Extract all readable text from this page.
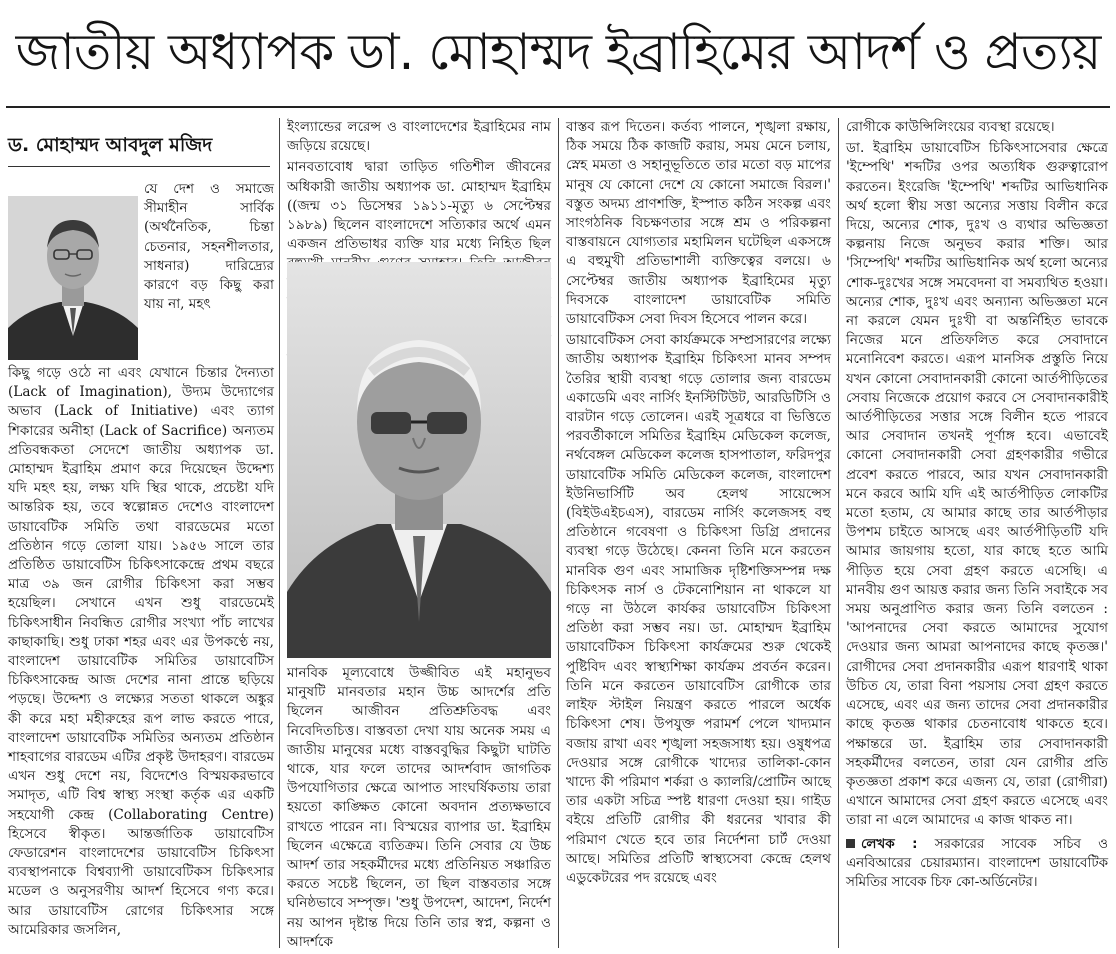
জাতীয় অধ্যাপক ডা. মোহাম্মদ ইব্রাহিমের আদর্শ ও প্রত্যয়
ড. মোহাম্মদ আবদুল মজিদ

যে দেশ ও সমাজে সীমাহীন সার্বিক (অর্থনৈতিক, চিন্তা চেতনার, সহনশীলতার, সাধনার) দারিদ্র্যের কারণে বড় কিছু করা যায় না, মহৎ

কিছু গড়ে ওঠে না এবং যেখানে চিন্তার দৈন্যতা (Lack of Imagination), উদ্যম উদ্যোগের অভাব (Lack of Initiative) এবং ত্যাগ শিকারের অনীহা (Lack of Sacrifice) অন্যতম প্রতিবন্ধকতা সেদেশে জাতীয় অধ্যাপক ডা. মোহাম্মদ ইব্রাহিম প্রমাণ করে দিয়েছেন উদ্দেশ্য যদি মহৎ হয়, লক্ষ্য যদি স্থির থাকে, প্রচেষ্টা যদি আন্তরিক হয়, তবে স্বল্পোন্নত দেশেও বাংলাদেশ ডায়াবেটিক সমিতি তথা বারডেমের মতো প্রতিষ্ঠান গড়ে তোলা যায়। ১৯৫৬ সালে তার প্রতিষ্ঠিত ডায়াবেটিস চিকিৎসাকেন্দ্রে প্রথম বছরে মাত্র ৩৯ জন রোগীর চিকিৎসা করা সম্ভব হয়েছিল। সেখানে এখন শুধু বারডেমেই চিকিৎসাধীন নিবন্ধিত রোগীর সংখ্যা পাঁচ লাখের কাছাকাছি। শুধু ঢাকা শহর এবং এর উপকণ্ঠে নয়, বাংলাদেশ ডায়াবেটিক সমিতির ডায়াবেটিস চিকিৎসাকেন্দ্র আজ দেশের নানা প্রান্তে ছড়িয়ে পড়ছে। উদ্দেশ্য ও লক্ষ্যের সততা থাকলে অঙ্কুর কী করে মহা মহীরুহের রূপ লাভ করতে পারে, বাংলাদেশ ডায়াবেটিক সমিতির অন্যতম প্রতিষ্ঠান শাহবাগের বারডেম এটির প্রকৃষ্ট উদাহরণ। বারডেম এখন শুধু দেশে নয়, বিদেশেও বিস্ময়করভাবে সমাদৃত, এটি বিশ্ব স্বাস্থ্য সংস্থা কর্তৃক এর একটি সহযোগী কেন্দ্র (Collaborating Centre) হিসেবে স্বীকৃত। আন্তর্জাতিক ডায়াবেটিস ফেডারেশন বাংলাদেশের ডায়াবেটিস চিকিৎসা ব্যবস্থাপনাকে বিশ্বব্যাপী ডায়াবেটিকস চিকিৎসার মডেল ও অনুসরণীয় আদর্শ হিসেবে গণ্য করে। আর ডায়াবেটিস রোগের চিকিৎসার সঙ্গে আমেরিকার জসলিন,

ইংল্যান্ডের লরেন্স ও বাংলাদেশের ইব্রাহিমের নাম জড়িয়ে রয়েছে।

মানবতাবোধ দ্বারা তাড়িত গতিশীল জীবনের অধিকারী জাতীয় অধ্যাপক ডা. মোহাম্মদ ইব্রাহিম ((জন্ম ৩১ ডিসেম্বর ১৯১১-মৃত্যু ৬ সেপ্টেম্বর ১৯৮৯) ছিলেন বাংলাদেশে সত্যিকার অর্থে এমন একজন প্রতিভাধর ব্যক্তি যার মধ্যে নিহিত ছিল

মানবিক মূল্যবোধে উজ্জীবিত এই মহানুভব মানুষটি মানবতার মহান উচ্চ আদর্শের প্রতি ছিলেন আজীবন প্রতিশ্রুতিবদ্ধ এবং নিবেদিতচিত্ত। বাস্তবতা দেখা যায় অনেক সময় এ জাতীয় মানুষের মধ্যে বাস্তববুদ্ধির কিছুটা ঘাটতি থাকে, যার ফলে তাদের আদর্শবাদ জাগতিক উপযোগিতার ক্ষেত্রে আপাত সাংঘর্ষিকতায় তারা হয়তো কাঙ্ক্ষিত কোনো অবদান প্রত্যক্ষভাবে রাখতে পারেন না। বিস্ময়ের ব্যাপার ডা. ইব্রাহিম ছিলেন এক্ষেত্রে ব্যতিক্রম। তিনি সেবার যে উচ্চ আদর্শ তার সহকর্মীদের মধ্যে প্রতিনিয়ত সঞ্চারিত করতে সচেষ্ট ছিলেন, তা ছিল বাস্তবতার সঙ্গে ঘনিষ্ঠভাবে সম্পৃক্ত। 'শুধু উপদেশ, আদেশ, নির্দেশ নয় আপন দৃষ্টান্ত দিয়ে তিনি তার স্বপ্ন, কল্পনা ও আদর্শকে

বাস্তব রূপ দিতেন। কর্তব্য পালনে, শৃঙ্খলা রক্ষায়, ঠিক সময়ে ঠিক কাজটি করায়, সময় মেনে চলায়, স্নেহ মমতা ও সহানুভূতিতে তার মতো বড় মাপের মানুষ যে কোনো দেশে যে কোনো সমাজে বিরল।' বস্তুত অদম্য প্রাণশক্তি, ইস্পাত কঠিন সংকল্প এবং সাংগঠনিক বিচক্ষণতার সঙ্গে শ্রম ও পরিকল্পনা বাস্তবায়নে যোগ্যতার মহামিলন ঘটেছিল একসঙ্গে এ বহুমুখী প্রতিভাশালী ব্যক্তিত্বের বলয়ে। ৬ সেপ্টেম্বর জাতীয় অধ্যাপক ইব্রাহিমের মৃত্যু দিবসকে বাংলাদেশ ডায়াবেটিক সমিতি ডায়াবেটিকস সেবা দিবস হিসেবে পালন করে।

ডায়াবেটিকস সেবা কার্যক্রমকে সম্প্রসারণের লক্ষ্যে জাতীয় অধ্যাপক ইব্রাহিম চিকিৎসা মানব সম্পদ তৈরির স্থায়ী ব্যবস্থা গড়ে তোলার জন্য বারডেম একাডেমি এবং নার্সিং ইনস্টিটিউট, আরডিটিসি ও বারটান গড়ে তোলেন। এরই সূত্রধরে বা ভিত্তিতে পরবর্তীকালে সমিতির ইব্রাহিম মেডিকেল কলেজ, নর্থবেঙ্গল মেডিকেল কলেজ হাসপাতাল, ফরিদপুর ডায়াবেটিক সমিতি মেডিকেল কলেজ, বাংলাদেশ ইউনিভার্সিটি অব হেলথ সায়েন্সেস (বিইউএইচএস), বারডেম নার্সিং কলেজসহ বহু প্রতিষ্ঠানে গবেষণা ও চিকিৎসা ডিগ্রি প্রদানের ব্যবস্থা গড়ে উঠেছে। কেননা তিনি মনে করতেন মানবিক গুণ এবং সামাজিক দৃষ্টিশক্তিসম্পন্ন দক্ষ চিকিৎসক নার্স ও টেকনোশিয়ান না থাকলে যা গড়ে না উঠলে কার্যকর ডায়াবেটিস চিকিৎসা প্রতিষ্ঠা করা সম্ভব নয়। ডা. মোহাম্মদ ইব্রাহিম ডায়াবেটিকস চিকিৎসা কার্যক্রমের শুরু থেকেই পুষ্টিবিদ এবং স্বাস্থ্যশিক্ষা কার্যক্রম প্রবর্তন করেন। তিনি মনে করতেন ডায়াবেটিস রোগীকে তার লাইফ স্টাইল নিয়ন্ত্রণ করতে পারলে অর্ধেক চিকিৎসা শেষ। উপযুক্ত পরামর্শ পেলে খাদ্যমান বজায় রাখা এবং শৃঙ্খলা সহজসাধ্য হয়। ওষুধপত্র দেওয়ার সঙ্গে রোগীকে খাদ্যের তালিকা-কোন খাদ্যে কী পরিমাণ শর্করা ও ক্যালরি/প্রোটিন আছে তার একটা সচিত্র স্পষ্ট ধারণা দেওয়া হয়। গাইড বইয়ে প্রতিটি রোগীর কী ধরনের খাবার কী পরিমাণ খেতে হবে তার নির্দেশনা চার্ট দেওয়া আছে। সমিতির প্রতিটি স্বাস্থ্যসেবা কেন্দ্রে হেলথ এডুকেটরের পদ রয়েছে এবং

রোগীকে কাউন্সিলিংয়ের ব্যবস্থা রয়েছে।

ডা. ইব্রাহিম ডায়াবেটিস চিকিৎসাসেবার ক্ষেত্রে 'ইম্পেথি' শব্দটির ওপর অত্যধিক গুরুত্বারোপ করতেন। ইংরেজি 'ইম্পেথি' শব্দটির আভিধানিক অর্থ হলো স্বীয় সত্তা অন্যের সত্তায় বিলীন করে দিয়ে, অন্যের শোক, দুঃখ ও ব্যথার অভিজ্ঞতা কল্পনায় নিজে অনুভব করার শক্তি। আর 'সিম্পেথি' শব্দটির আভিধানিক অর্থ হলো অন্যের শোক-দুঃখের সঙ্গে সমবেদনা বা সমব্যথিত হওয়া। অন্যের শোক, দুঃখ এবং অন্যান্য অভিজ্ঞতা মনে না করলে যেমন দুঃখী বা অন্তর্নিহিত ভাবকে নিজের মনে প্রতিফলিত করে সেবাদানে মনোনিবেশ করতে। এরূপ মানসিক প্রস্তুতি নিয়ে যখন কোনো সেবাদানকারী কোনো আর্তপীড়িতের সেবায় নিজেকে প্রয়োগ করবে সে সেবাদানকারীই আর্তপীড়িতের সত্তার সঙ্গে বিলীন হতে পারবে আর সেবাদান তখনই পূর্ণাঙ্গ হবে। এভাবেই কোনো সেবাদানকারী সেবা গ্রহণকারীর গভীরে প্রবেশ করতে পারবে, আর যখন সেবাদানকারী মনে করবে আমি যদি এই আর্তপীড়িত লোকটির মতো হতাম, যে আমার কাছে তার আর্তপীড়ার উপশম চাইতে আসছে এবং আর্তপীড়িতটি যদি আমার জায়গায় হতো, যার কাছে হতে আমি পীড়িত হয়ে সেবা গ্রহণ করতে এসেছি। এ মানবীয় গুণ আয়ত্ত করার জন্য তিনি সবাইকে সব সময় অনুপ্রাণিত করার জন্য তিনি বলতেন : 'আপনাদের সেবা করতে আমাদের সুযোগ দেওয়ার জন্য আমরা আপনাদের কাছে কৃতজ্ঞ।' রোগীদের সেবা প্রদানকারীর এরূপ ধারণাই থাকা উচিত যে, তারা বিনা পয়সায় সেবা গ্রহণ করতে এসেছে, এবং এর জন্য তাদের সেবা প্রদানকারীর কাছে কৃতজ্ঞ থাকার চেতনাবোধ থাকতে হবে। পক্ষান্তরে ডা. ইব্রাহিম তার সেবাদানকারী সহকর্মীদের বলতেন, তারা যেন রোগীর প্রতি কৃতজ্ঞতা প্রকাশ করে এজন্য যে, তারা (রোগীরা) এখানে আমাদের সেবা গ্রহণ করতে এসেছে এবং তারা না এলে আমাদের এ কাজ থাকত না।

লেখক : সরকারের সাবেক সচিব ও এনবিআরের চেয়ারম্যান। বাংলাদেশ ডায়াবেটিক সমিতির সাবেক চিফ কো-অর্ডিনেটর।
